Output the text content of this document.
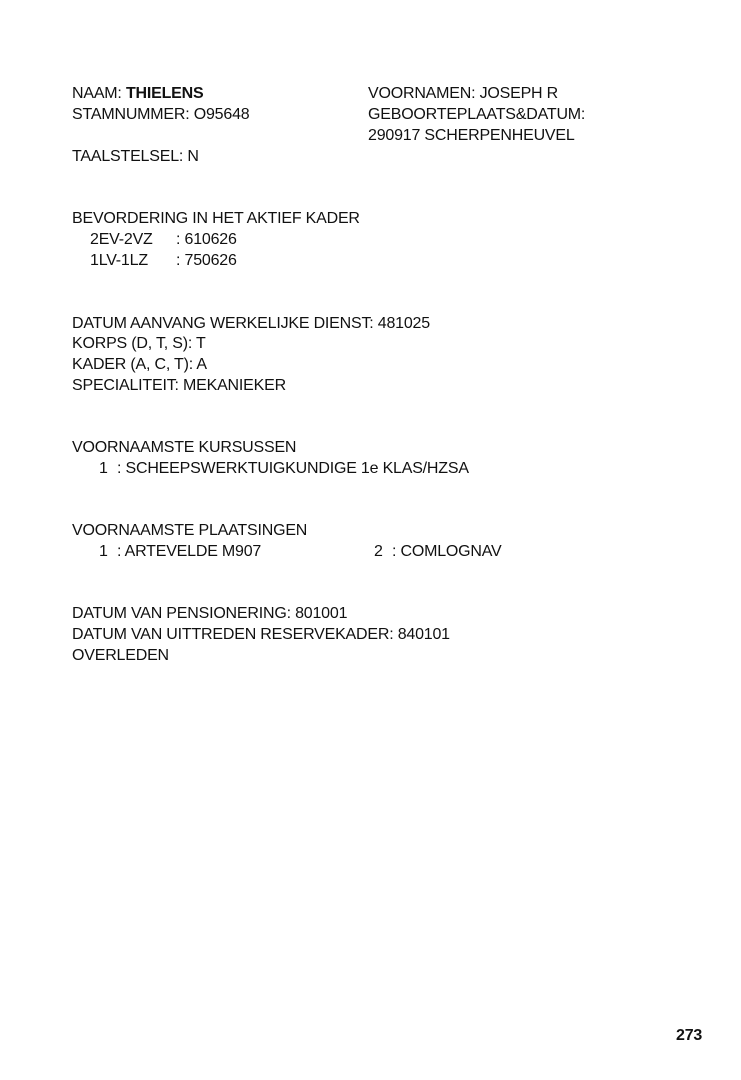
NAAM: THIELENS
STAMNUMMER: O95648
TAALSTELSEL: N
VOORNAMEN: JOSEPH R
GEBOORTEPLAATS&DATUM:
290917 SCHERPENHEUVEL
BEVORDERING IN HET AKTIEF KADER
2EV-2VZ : 610626
1LV-1LZ : 750626
DATUM AANVANG WERKELIJKE DIENST: 481025
KORPS (D, T, S): T
KADER (A, C, T): A
SPECIALITEIT: MEKANIEKER
VOORNAAMSTE KURSUSSEN
1 : SCHEEPSWERKTUIGKUNDIGE 1e KLAS/HZSA
VOORNAAMSTE PLAATSINGEN
1 : ARTEVELDE M907	2 : COMLOGNAV
DATUM VAN PENSIONERING: 801001
DATUM VAN UITTREDEN RESERVEKADER: 840101
OVERLEDEN
273
